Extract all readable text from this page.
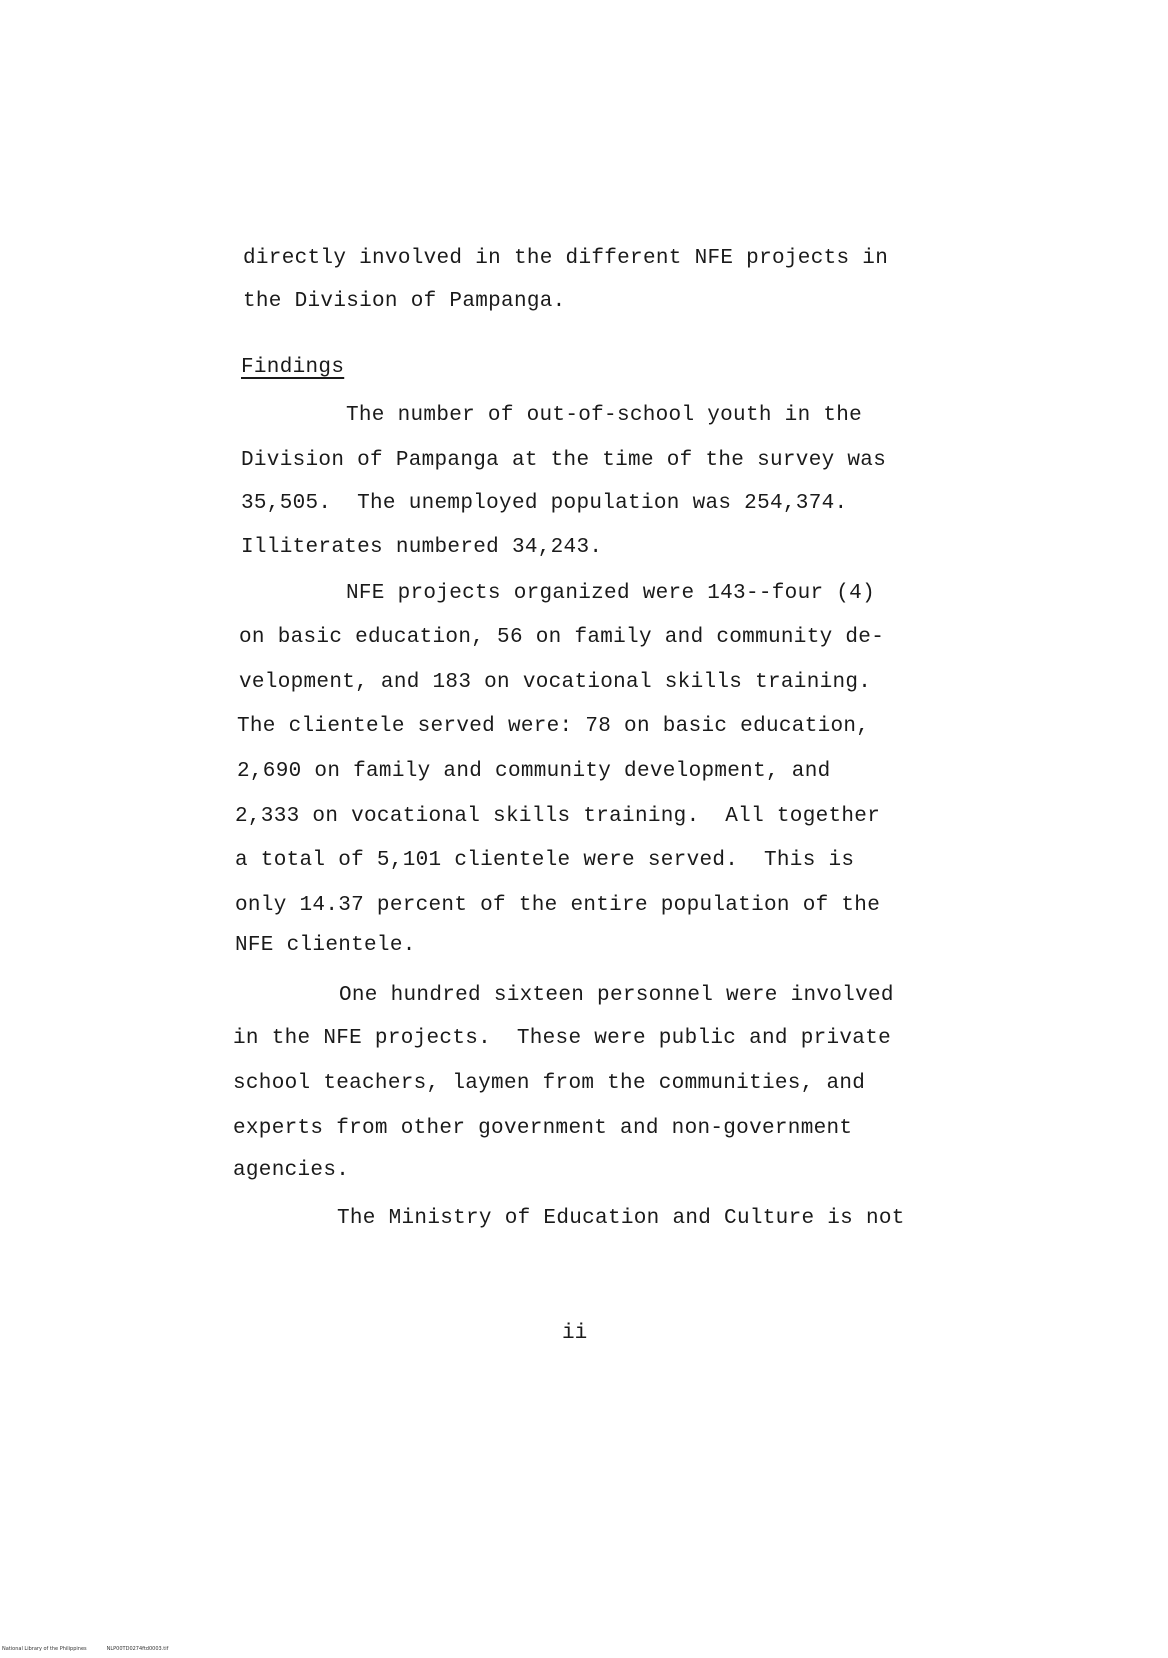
directly involved in the different NFE projects in
the Division of Pampanga.
Findings
The number of out-of-school youth in the
Division of Pampanga at the time of the survey was
35,505.  The unemployed population was 254,374.
Illiterates numbered 34,243.
NFE projects organized were 143--four (4)
on basic education, 56 on family and community de-
velopment, and 183 on vocational skills training.
The clientele served were: 78 on basic education,
2,690 on family and community development, and
2,333 on vocational skills training.  All together
a total of 5,101 clientele were served.  This is
only 14.37 percent of the entire population of the
NFE clientele.
One hundred sixteen personnel were involved
in the NFE projects.  These were public and private
school teachers, laymen from the communities, and
experts from other government and non-government
agencies.
The Ministry of Education and Culture is not
ii
National Library of the Philippines	NLP00TD0274ftd0003.tif
